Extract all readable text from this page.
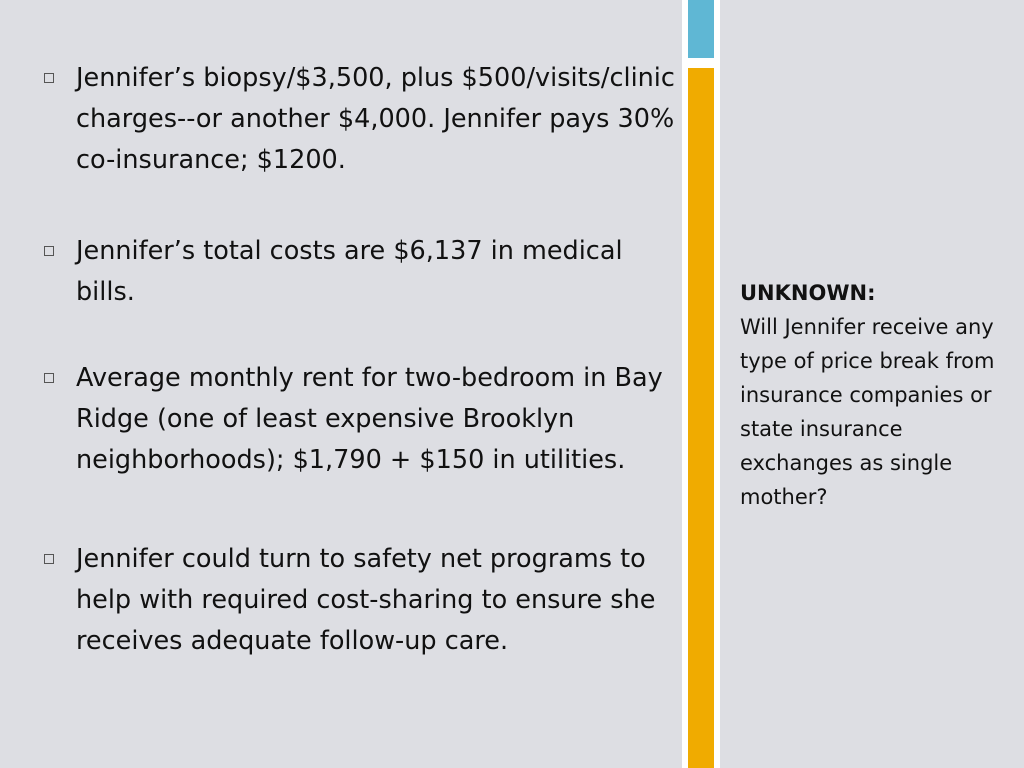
Jennifer’s biopsy/$3,500, plus $500/visits/clinic charges--or another $4,000. Jennifer pays 30% co-insurance; $1200.
Jennifer’s total costs are $6,137 in medical bills.
Average monthly rent for two-bedroom in Bay Ridge (one of least expensive Brooklyn neighborhoods); $1,790 + $150 in utilities.
Jennifer could turn to safety net programs to help with required cost-sharing to ensure she receives adequate follow-up care.
UNKNOWN:
Will Jennifer receive any type of price break from insurance companies or state insurance exchanges as single mother?
